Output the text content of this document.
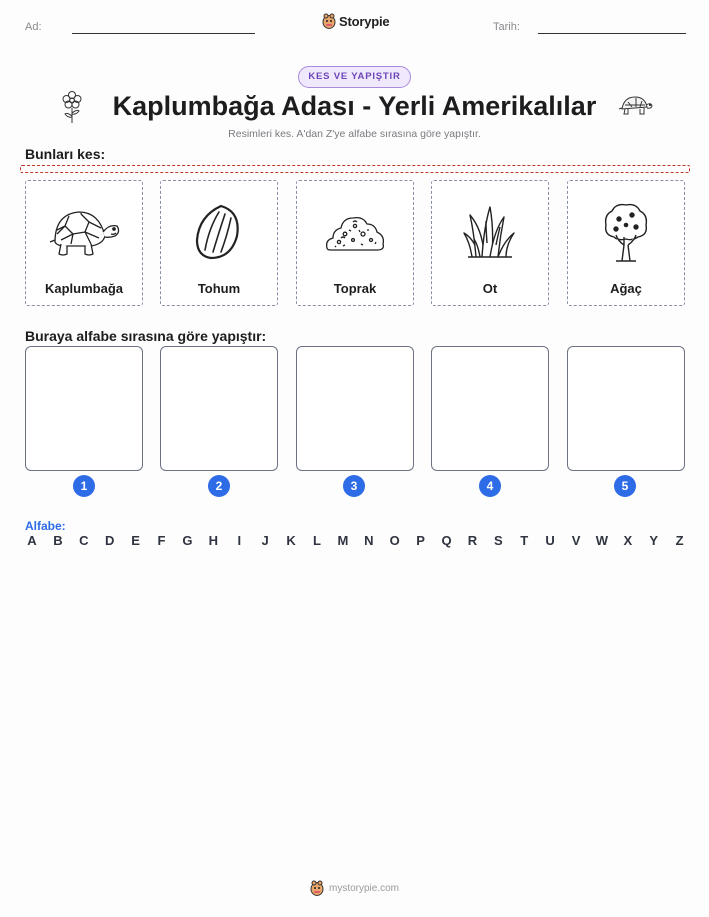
Ad:	Storypie	Tarih:
KES VE YAPIŞTIR
Kaplumbağa Adası - Yerli Amerikalılar
Resimleri kes. A'dan Z'ye alfabe sırasına göre yapıştır.
Bunları kes:
Kaplumbağa	Tohum	Toprak	Ot	Ağaç
Buraya alfabe sırasına göre yapıştır:
1	2	3	4	5
Alfabe:
A B C D E F G H	I	J K L M N O P Q R S T U V W X Y Z
mystorypie.com
